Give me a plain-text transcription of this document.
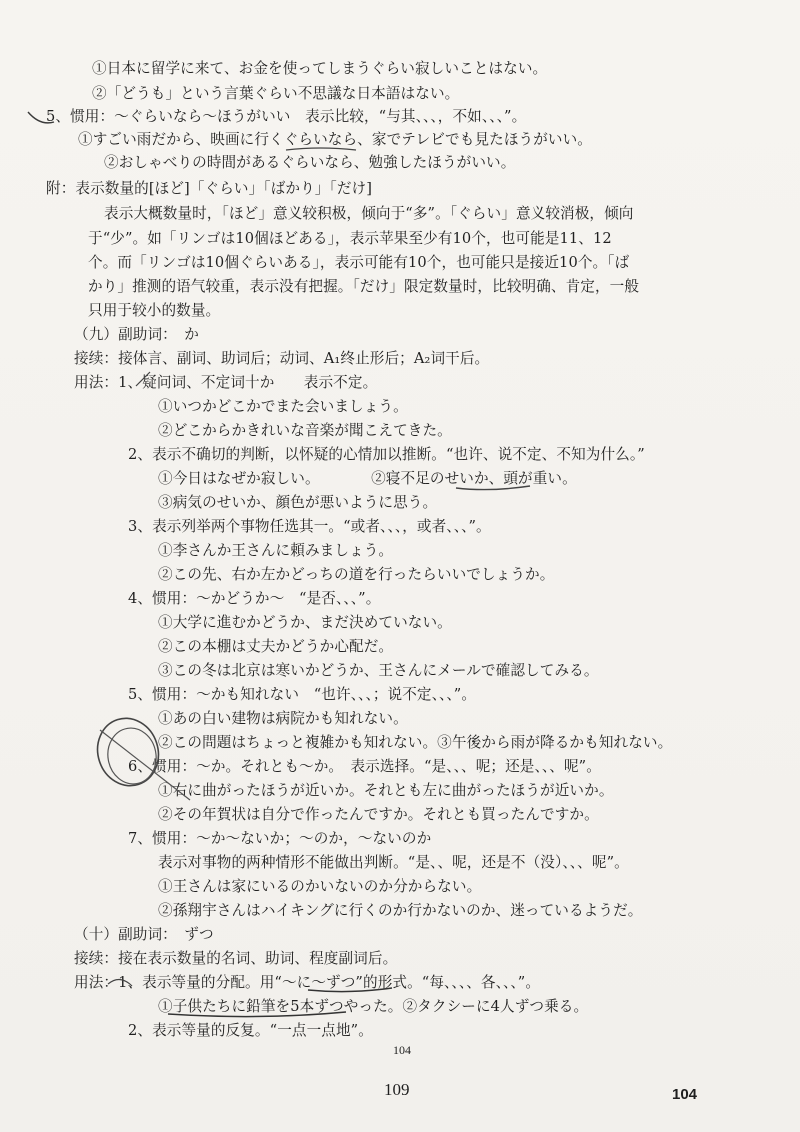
①日本に留学に来て、お金を使ってしまうぐらい寂しいことはない。
②「どうも」という言葉ぐらい不思議な日本語はない。
5、惯用：～ぐらいなら～ほうがいい　表示比较，“与其、、、，不如、、、”。
①すごい雨だから、映画に行くぐらいなら、家でテレビでも見たほうがいい。
②おしゃべりの時間があるぐらいなら、勉強したほうがいい。
附：表示数量的[ほど]「ぐらい」「ばかり」「だけ]
表示大概数量时，「ほど」意义较积极，倾向于“多”。「ぐらい」意义较消极，倾向
于“少”。如「リンゴは10個ほどある」，表示苹果至少有10个，也可能是11、12
个。而「リンゴは10個ぐらいある」，表示可能有10个，也可能只是接近10个。「ば
かり」推测的语气较重，表示没有把握。「だけ」限定数量时，比较明确、肯定，一般
只用于较小的数量。
（九）副助词：　か
接续：接体言、副词、助词后；动词、A₁终止形后；A₂词干后。
用法：1、疑问词、不定词十か　　表示不定。
①いつかどこかでまた会いましょう。
②どこからかきれいな音楽が聞こえてきた。
2、表示不确切的判断，以怀疑的心情加以推断。“也许、说不定、不知为什么。”
①今日はなぜか寂しい。　　　　②寝不足のせいか、頭が重い。
③病気のせいか、顔色が悪いように思う。
3、表示列举两个事物任选其一。“或者、、、，或者、、、”。
①李さんか王さんに頼みましょう。
②この先、右か左かどっちの道を行ったらいいでしょうか。
4、惯用：～かどうか～　“是否、、、”。
①大学に進むかどうか、まだ決めていない。
②この本棚は丈夫かどうか心配だ。
③この冬は北京は寒いかどうか、王さんにメールで確認してみる。
5、惯用：～かも知れない　“也许、、、；说不定、、、”。
①あの白い建物は病院かも知れない。
②この問題はちょっと複雑かも知れない。③午後から雨が降るかも知れない。
6、惯用：～か。それとも～か。　表示选择。“是、、、呢；还是、、、呢”。
①右に曲がったほうが近いか。それとも左に曲がったほうが近いか。
②その年賀状は自分で作ったんですか。それとも買ったんですか。
7、惯用：～か～ないか；～のか，～ないのか
表示对事物的两种情形不能做出判断。“是、、呢，还是不（没）、、、呢”。
①王さんは家にいるのかいないのか分からない。
②孫翔宇さんはハイキングに行くのか行かないのか、迷っているようだ。
（十）副助词：　ずつ
接续：接在表示数量的名词、助词、程度副词后。
用法：1、表示等量的分配。用“～に～ずつ”的形式。“每、、、、各、、、”。
①子供たちに鉛筆を5本ずつやった。②タクシーに4人ずつ乗る。
2、表示等量的反复。“一点一点地”。
104
109	104
